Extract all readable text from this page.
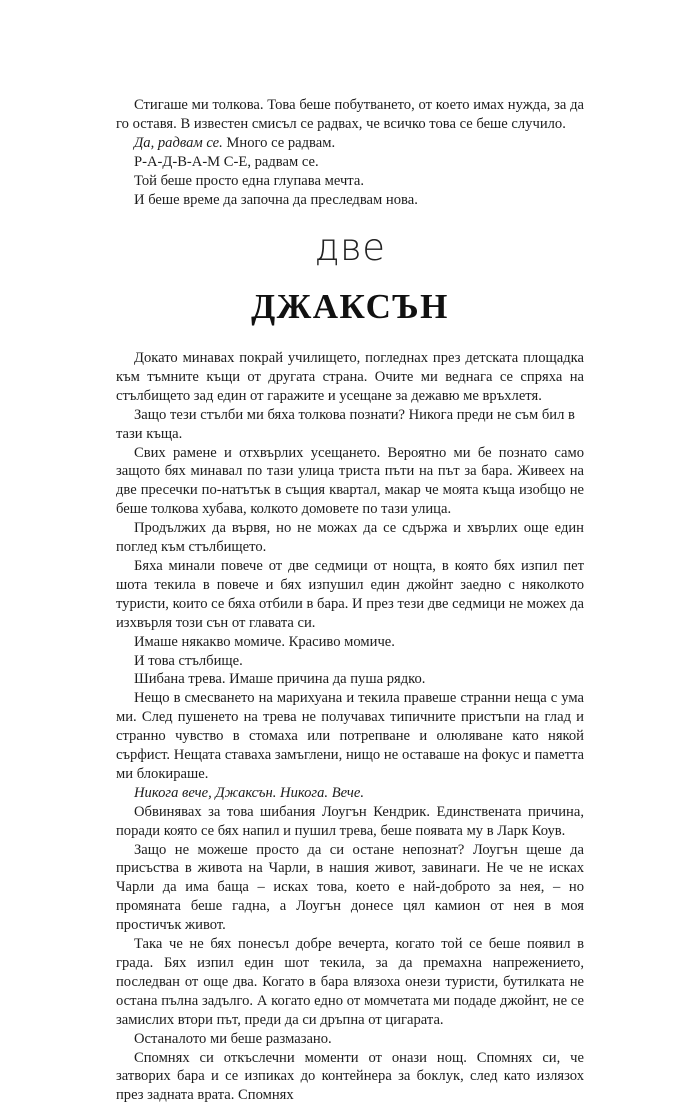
Стигаше ми толкова. Това беше побутването, от което имах нужда, за да го оставя. В известен смисъл се радвах, че всичко това се беше случило.

Да, радвам се. Много се радвам.

Р-А-Д-В-А-М С-Е, радвам се.

Той беше просто една глупава мечта.

И беше време да започна да преследвам нова.

две
ДЖАКСЪН

Докато минавах покрай училището, погледнах през детската площадка към тъмните къщи от другата страна. Очите ми веднага се спряха на стълбището зад един от гаражите и усещане за дежавю ме връхлетя.

Защо тези стълби ми бяха толкова познати? Никога преди не съм бил в тази къща.

Свих рамене и отхвърлих усещането. Вероятно ми бе познато само защото бях минавал по тази улица триста пъти на път за бара. Живеех на две пресечки по-натътък в същия квартал, макар че моята къща изобщо не беше толкова хубава, колкото домовете по тази улица.

Продължих да вървя, но не можах да се сдържа и хвърлих още един поглед към стълбището.

Бяха минали повече от две седмици от нощта, в която бях изпил пет шота текила в повече и бях изпушил един джойнт заедно с няколкото туристи, които се бяха отбили в бара. И през тези две седмици не можех да изхвърля този сън от главата си.

Имаше някакво момиче. Красиво момиче.

И това стълбище.

Шибана трева. Имаше причина да пуша рядко.

Нещо в смесването на марихуана и текила правеше странни неща с ума ми. След пушенето на трева не получавах типичните пристъпи на глад и странно чувство в стомаха или потрепване и олюляване като някой сърфист. Нещата ставаха замъглени, нищо не оставаше на фокус и паметта ми блокираше.

Никога вече, Джаксън. Никога. Вече.

Обвинявах за това шибания Лоугън Кендрик. Единствената причина, поради която се бях напил и пушил трева, беше появата му в Ларк Коув.

Защо не можеше просто да си остане непознат? Лоугън щеше да присъства в живота на Чарли, в нашия живот, завинаги. Не че не исках Чарли да има баща – исках това, което е най-доброто за нея, – но промяната беше гадна, а Лоугън донесе цял камион от нея в моя простичък живот.

Така че не бях понесъл добре вечерта, когато той се беше появил в града. Бях изпил един шот текила, за да премахна напрежението, последван от още два. Когато в бара влязоха онези туристи, бутилката не остана пълна задълго. А когато едно от момчетата ми подаде джойнт, не се замислих втори път, преди да си дръпна от цигарата.

Останалото ми беше размазано.

Спомнях си откъслечни моменти от онази нощ. Спомнях си, че затворих бара и се изпиках до контейнера за боклук, след като излязох през задната врата. Спомнях
